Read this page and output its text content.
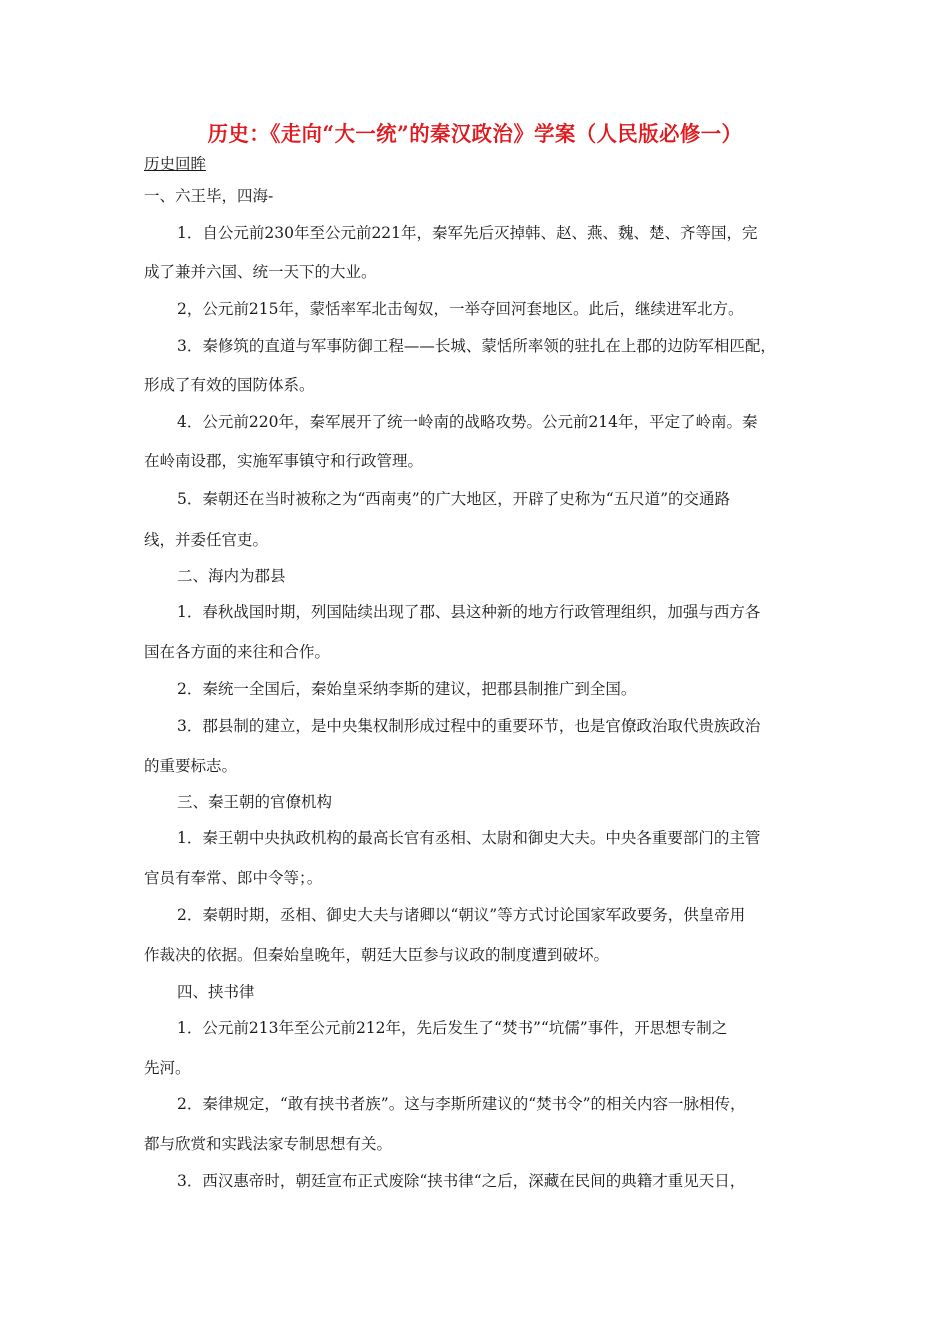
历史：《走向“大一统”的秦汉政治》学案（人民版必修一）
历史回眸
一、六王毕，四海-
1．自公元前230年至公元前221年，秦军先后灭掉韩、赵、燕、魏、楚、齐等国，完
成了兼并六国、统一天下的大业。
2，公元前215年，蒙恬率军北击匈奴，一举夺回河套地区。此后，继续进军北方。
3．秦修筑的直道与军事防御工程——长城、蒙恬所率领的驻扎在上郡的边防军相匹配，
形成了有效的国防体系。
4．公元前220年，秦军展开了统一岭南的战略攻势。公元前214年，平定了岭南。秦
在岭南设郡，实施军事镇守和行政管理。
5．秦朝还在当时被称之为“西南夷”的广大地区，开辟了史称为“五尺道”的交通路
线，并委任官吏。
二、海内为郡县
1．春秋战国时期，列国陆续出现了郡、县这种新的地方行政管理组织，加强与西方各
国在各方面的来往和合作。
2．秦统一全国后，秦始皇采纳李斯的建议，把郡县制推广到全国。
3．郡县制的建立，是中央集权制形成过程中的重要环节，也是官僚政治取代贵族政治
的重要标志。
三、秦王朝的官僚机构
1．秦王朝中央执政机构的最高长官有丞相、太尉和御史大夫。中央各重要部门的主管
官员有奉常、郎中令等；。
2．秦朝时期，丞相、御史大夫与诸卿以“朝议”等方式讨论国家军政要务，供皇帝用
作裁决的依据。但秦始皇晚年，朝廷大臣参与议政的制度遭到破坏。
四、挟书律
1．公元前213年至公元前212年，先后发生了“焚书”“坑儒”事件，开思想专制之
先河。
2．秦律规定，“敢有挟书者族”。这与李斯所建议的“焚书令”的相关内容一脉相传，
都与欣赏和实践法家专制思想有关。
3．西汉惠帝时，朝廷宣布正式废除“挟书律“之后，深藏在民间的典籍才重见天日，
